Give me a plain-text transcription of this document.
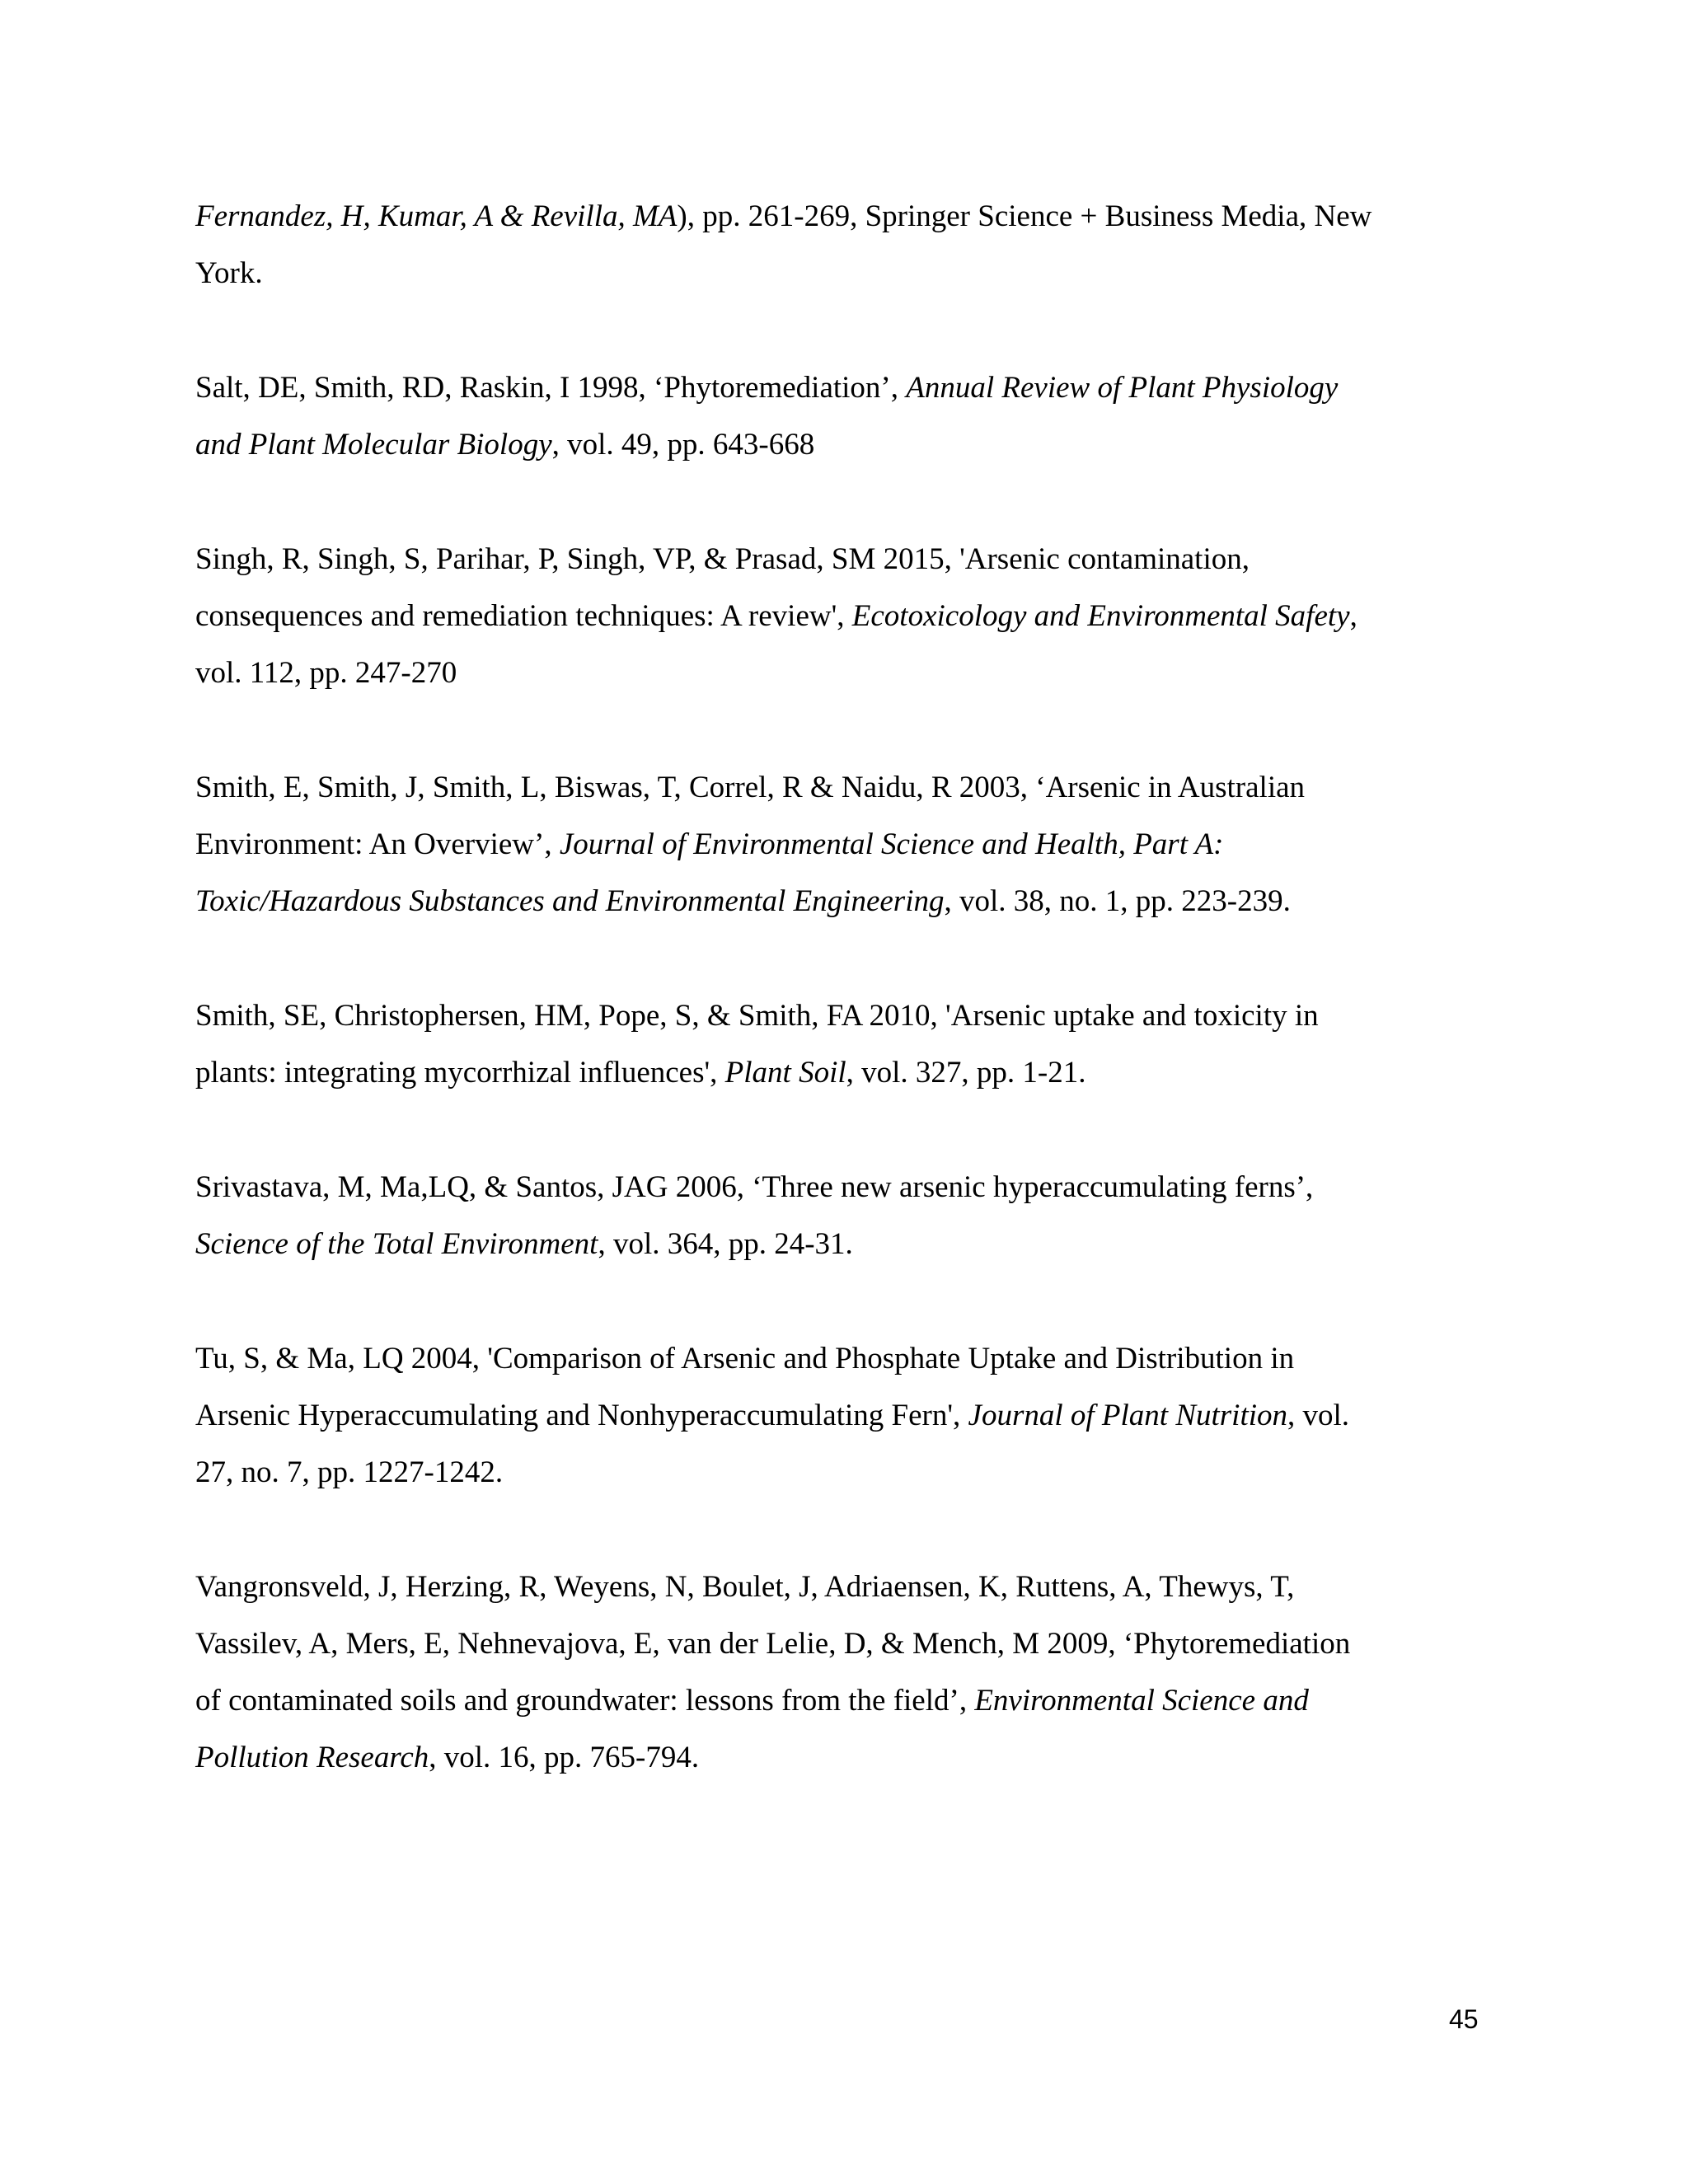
Fernandez, H, Kumar, A & Revilla, MA), pp. 261-269, Springer Science + Business Media, New
York.

Salt, DE, Smith, RD, Raskin, I 1998, ‘Phytoremediation’, Annual Review of Plant Physiology
and Plant Molecular Biology, vol. 49, pp. 643-668

Singh, R, Singh, S, Parihar, P, Singh, VP, & Prasad, SM 2015, 'Arsenic contamination,
consequences and remediation techniques: A review', Ecotoxicology and Environmental Safety,
vol. 112, pp. 247-270

Smith, E, Smith, J, Smith, L, Biswas, T, Correl, R & Naidu, R 2003, ‘Arsenic in Australian
Environment: An Overview’, Journal of Environmental Science and Health, Part A:
Toxic/Hazardous Substances and Environmental Engineering, vol. 38, no. 1, pp. 223-239.

Smith, SE, Christophersen, HM, Pope, S, & Smith, FA 2010, 'Arsenic uptake and toxicity in
plants: integrating mycorrhizal influences', Plant Soil, vol. 327, pp. 1-21.

Srivastava, M, Ma,LQ, & Santos, JAG 2006, ‘Three new arsenic hyperaccumulating ferns’,
Science of the Total Environment, vol. 364, pp. 24-31.

Tu, S, & Ma, LQ 2004, 'Comparison of Arsenic and Phosphate Uptake and Distribution in
Arsenic Hyperaccumulating and Nonhyperaccumulating Fern', Journal of Plant Nutrition, vol.
27, no. 7, pp. 1227-1242.

Vangronsveld, J, Herzing, R, Weyens, N, Boulet, J, Adriaensen, K, Ruttens, A, Thewys, T,
Vassilev, A, Mers, E, Nehnevajova, E, van der Lelie, D, & Mench, M 2009, ‘Phytoremediation
of contaminated soils and groundwater: lessons from the field’, Environmental Science and
Pollution Research, vol. 16, pp. 765-794.

45
